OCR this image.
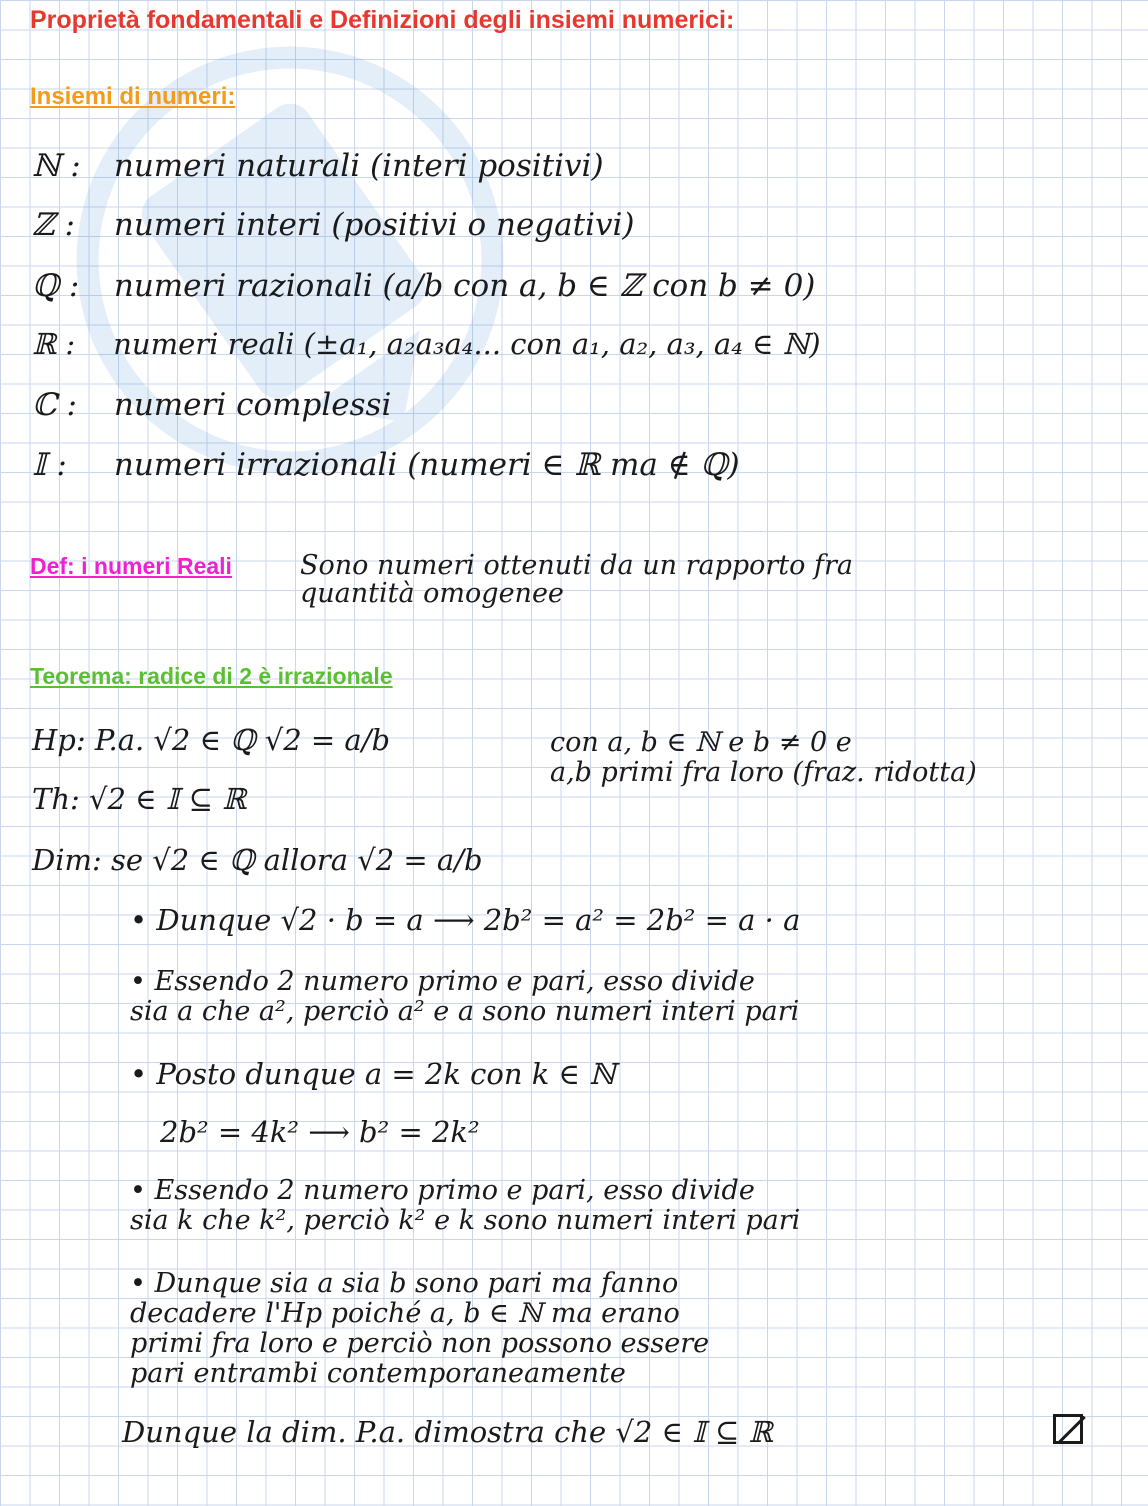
Proprietà fondamentali e Definizioni degli insiemi numerici:
Insiemi di numeri:
ℕ : numeri naturali (interi positivi)
ℤ : numeri interi (positivi o negativi)
ℚ : numeri razionali (a/b con a, b ∈ ℤ con b ≠ 0)
ℝ : numeri reali (±a₁, a₂a₃a₄... con a₁, a₂, a₃, a₄ ∈ ℕ)
ℂ : numeri complessi
𝕀 : numeri irrazionali (numeri ∈ ℝ ma ∉ ℚ)
Def: i numeri Reali	Sono numeri ottenuti da un rapporto fra
quantità omogenee
Teorema: radice di 2 è irrazionale
Hp: P.a. √2 ∈ ℚ √2 = a/b	con a, b ∈ ℕ e b ≠ 0 e
a,b primi fra loro (fraz. ridotta)
Th: √2 ∈ 𝕀 ⊆ ℝ
Dim: se √2 ∈ ℚ allora √2 = a/b
• Dunque √2 · b = a ⟶ 2b² = a² = 2b² = a · a
• Essendo 2 numero primo e pari, esso divide
sia a che a², perciò a² e a sono numeri interi pari
• Posto dunque a = 2k con k ∈ ℕ
2b² = 4k² ⟶ b² = 2k²
• Essendo 2 numero primo e pari, esso divide
sia k che k², perciò k² e k sono numeri interi pari
• Dunque sia a sia b sono pari ma fanno
decadere l'Hp poiché a, b ∈ ℕ ma erano
primi fra loro e perciò non possono essere
pari entrambi contemporaneamente
Dunque la dim. P.a. dimostra che √2 ∈ 𝕀 ⊆ ℝ
